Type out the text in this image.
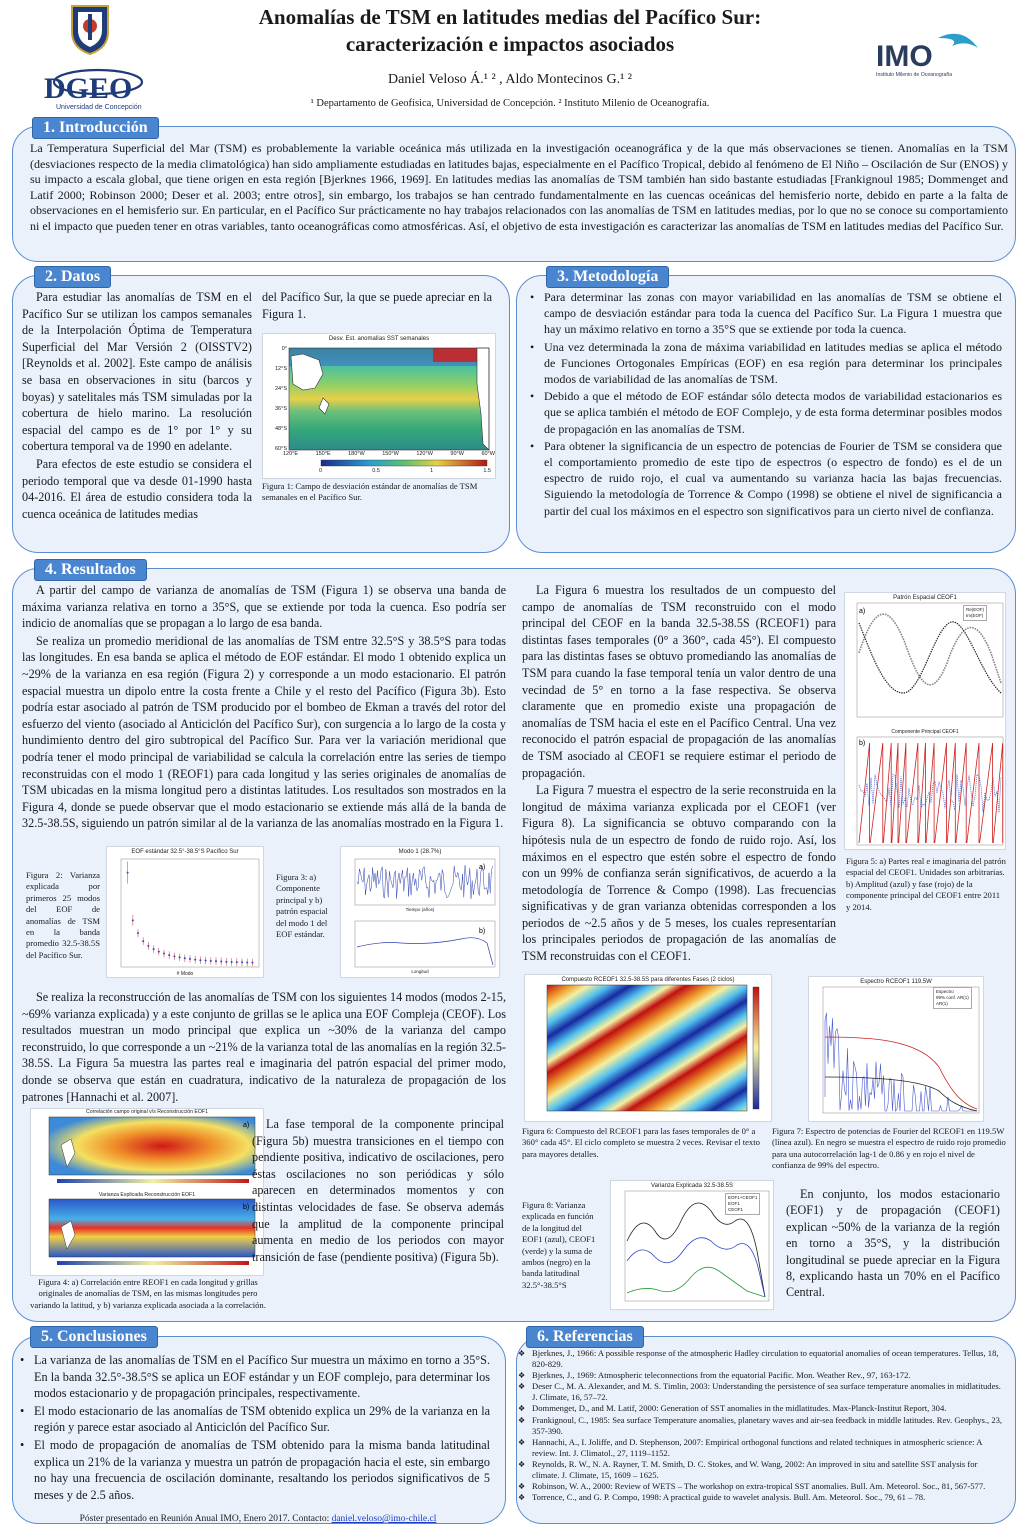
DGEO
Universidad de Concepción
IMO
Instituto Milenio de Oceanografía
Anomalías de TSM en latitudes medias del Pacífico Sur:
caracterización e impactos asociados
Daniel Veloso Á.¹ ² , Aldo Montecinos G.¹ ²
¹ Departamento de Geofísica, Universidad de Concepción. ² Instituto Milenio de Oceanografía.
1. Introducción
La Temperatura Superficial del Mar (TSM) es probablemente la variable oceánica más utilizada en la investigación oceanográfica y de la que más observaciones se tienen. Anomalías en la TSM (desviaciones respecto de la media climatológica) han sido ampliamente estudiadas en latitudes bajas, especialmente en el Pacífico Tropical, debido al fenómeno de El Niño – Oscilación de Sur (ENOS) y su impacto a escala global, que tiene origen en esta región [Bjerknes 1966, 1969]. En latitudes medias las anomalías de TSM también han sido bastante estudiadas [Frankignoul 1985; Dommenget and Latif 2000; Robinson 2000; Deser et al. 2003; entre otros], sin embargo, los trabajos se han centrado fundamentalmente en las cuencas oceánicas del hemisferio norte, debido en parte a la falta de observaciones en el hemisferio sur. En particular, en el Pacífico Sur prácticamente no hay trabajos relacionados con las anomalías de TSM en latitudes medias, por lo que no se conoce su comportamiento ni el impacto que pueden tener en otras variables, tanto oceanográficas como atmosféricas. Así, el objetivo de esta investigación es caracterizar las anomalías de TSM en latitudes medias del Pacífico Sur.
2. Datos

Para estudiar las anomalías de TSM en el Pacífico Sur se utilizan los campos semanales de la Interpolación Óptima de Temperatura Superficial del Mar Versión 2 (OISSTV2) [Reynolds et al. 2002]. Este campo de análisis se basa en observaciones in situ (barcos y boyas) y satelitales más TSM simuladas por la cobertura de hielo marino. La resolución espacial del campo es de 1° por 1° y su cobertura temporal va de 1990 en adelante.

Para efectos de este estudio se considera el periodo temporal que va desde 01-1990 hasta 04-2016. El área de estudio considera toda la cuenca oceánica de latitudes medias

del Pacífico Sur, la que se puede apreciar en la Figura 1.
Desv. Est. anomalías SST semanales
0°
12°S
24°S
36°S
48°S
60°S
120°E	150°E	180°W	150°W	120°W	90°W	60°W
0	0.5	1	1.5
Figura 1: Campo de desviación estándar de anomalías de TSM semanales en el Pacífico Sur.
3. Metodología
• Para determinar las zonas con mayor variabilidad en las anomalías de TSM se obtiene el campo de desviación estándar para toda la cuenca del Pacífico Sur. La Figura 1 muestra que hay un máximo relativo en torno a 35°S que se extiende por toda la cuenca.
• Una vez determinada la zona de máxima variabilidad en latitudes medias se aplica el método de Funciones Ortogonales Empíricas (EOF) en esa región para determinar los principales modos de variabilidad de las anomalías de TSM.
• Debido a que el método de EOF estándar sólo detecta modos de variabilidad estacionarios es que se aplica también el método de EOF Complejo, y de esta forma determinar posibles modos de propagación en las anomalías de TSM.
• Para obtener la significancia de un espectro de potencias de Fourier de TSM se considera que el comportamiento promedio de este tipo de espectros (o espectro de fondo) es el de un espectro de ruido rojo, el cual va aumentando su varianza hacia las bajas frecuencias. Siguiendo la metodología de Torrence & Compo (1998) se obtiene el nivel de significancia a partir del cual los máximos en el espectro son significativos para un cierto nivel de confianza.
4. Resultados

A partir del campo de varianza de anomalías de TSM (Figura 1) se observa una banda de máxima varianza relativa en torno a 35°S, que se extiende por toda la cuenca. Eso podría ser indicio de anomalías que se propagan a lo largo de esa banda.

Se realiza un promedio meridional de las anomalías de TSM entre 32.5°S y 38.5°S para todas las longitudes. En esa banda se aplica el método de EOF estándar. El modo 1 obtenido explica un ~29% de la varianza en esa región (Figura 2) y corresponde a un modo estacionario. El patrón espacial muestra un dipolo entre la costa frente a Chile y el resto del Pacífico (Figura 3b). Esto podría estar asociado al patrón de TSM producido por el bombeo de Ekman a través del rotor del esfuerzo del viento (asociado al Anticiclón del Pacífico Sur), con surgencia a lo largo de la costa y hundimiento dentro del giro subtropical del Pacífico Sur. Para ver la variación meridional que podría tener el modo principal de variabilidad se calcula la correlación entre las series de tiempo reconstruidas con el modo 1 (REOF1) para cada longitud y las series originales de anomalías de TSM ubicadas en la misma longitud pero a distintas latitudes. Los resultados son mostrados en la Figura 4, donde se puede observar que el modo estacionario se extiende más allá de la banda de 32.5-38.5S, siguiendo un patrón similar al de la varianza de las anomalías mostrado en la Figura 1.

Figura 2: Varianza explicada por primeros 25 modos del EOF de anomalías de TSM en la banda promedio 32.5-38.5S del Pacífico Sur.
EOF estándar 32.5°-38.5°S Pacífico Sur
# Modo
Figura 3: a) Componente principal y b) patrón espacial del modo 1 del EOF estándar.
Modo 1 (28.7%)
a)
b)
Tiempo (años)
Longitud
Se realiza la reconstrucción de las anomalías de TSM con los siguientes 14 modos (modos 2-15, ~69% varianza explicada) y a este conjunto de grillas se le aplica una EOF Compleja (CEOF). Los resultados muestran un modo principal que explica un ~30% de la varianza del campo reconstruido, lo que corresponde a un ~21% de la varianza total de las anomalías en la región 32.5-38.5S. La Figura 5a muestra las partes real e imaginaria del patrón espacial del primer modo, donde se observa que están en cuadratura, indicativo de la naturaleza de propagación de los patrones [Hannachi et al. 2007].
Correlación campo original v/s Reconstrucción EOF1
Varianza Explicada Reconstrucción EOF1
a)
b)
Figura 4: a) Correlación entre REOF1 en cada longitud y grillas originales de anomalías de TSM, en las mismas longitudes pero variando la latitud, y b) varianza explicada asociada a la correlación.
La fase temporal de la componente principal (Figura 5b) muestra transiciones en el tiempo con pendiente positiva, indicativo de oscilaciones, pero éstas oscilaciones no son periódicas y sólo aparecen en determinados momentos y con distintas velocidades de fase. Se observa además que la amplitud de la componente principal aumenta en medio de los periodos con mayor transición de fase (pendiente positiva) (Figura 5b).

La Figura 6 muestra los resultados de un compuesto del campo de anomalías de TSM reconstruido con el modo principal del CEOF en la banda 32.5-38.5S (RCEOF1) para distintas fases temporales (0° a 360°, cada 45°). El compuesto para las distintas fases se obtuvo promediando las anomalías de TSM para cuando la fase temporal tenía un valor dentro de una vecindad de 5° en torno a la fase respectiva. Se observa claramente que en promedio existe una propagación de anomalías de TSM hacia el este en el Pacífico Central. Una vez reconocido el patrón espacial de propagación de las anomalías de TSM asociado al CEOF1 se requiere estimar el periodo de propagación.

La Figura 7 muestra el espectro de la serie reconstruida en la longitud de máxima varianza explicada por el CEOF1 (ver Figura 8). La significancia se obtuvo comparando con la hipótesis nula de un espectro de fondo de ruido rojo. Así, los máximos en el espectro que estén sobre el espectro de fondo con un 99% de confianza serán significativos, de acuerdo a la metodología de Torrence & Compo (1998). Las frecuencias significativas y de gran varianza obtenidas corresponden a los periodos de ~2.5 años y de 5 meses, los cuales representarían los principales periodos de propagación de las anomalías de TSM reconstruidas con el CEOF1.

Patrón Espacial CEOF1
Componente Principal CEOF1
a)
b)
Re(EOF)
Im(EOF)
Figura 5: a) Partes real e imaginaria del patrón espacial del CEOF1. Unidades son arbitrarias. b) Amplitud (azul) y fase (rojo) de la componente principal del CEOF1 entre 2011 y 2014.
Compuesto RCEOF1 32.5-38.5S para diferentes Fases (2 ciclos)
Figura 6: Compuesto del RCEOF1 para las fases temporales de 0° a 360° cada 45°. El ciclo completo se muestra 2 veces. Revisar el texto para mayores detalles.
Espectro RCEOF1 119.5W
Espectro
99% conf. AR(1)
AR(1)
Figura 7: Espectro de potencias de Fourier del RCEOF1 en 119.5W (línea azul). En negro se muestra el espectro de ruido rojo promedio para una autocorrelación lag-1 de 0.86 y en rojo el nivel de confianza de 99% del espectro.
Figura 8: Varianza explicada en función de la longitud del EOF1 (azul), CEOF1 (verde) y la suma de ambos (negro) en la banda latitudinal 32.5°-38.5°S
Varianza Explicada 32.5-38.5S
EOF1+CEOF1
EOF1
CEOF1
En conjunto, los modos estacionario (EOF1) y de propagación (CEOF1) explican ~50% de la varianza de la región en torno a 35°S, y la distribución longitudinal se puede apreciar en la Figura 8, explicando hasta un 70% en el Pacífico Central.
5. Conclusiones
• La varianza de las anomalías de TSM en el Pacífico Sur muestra un máximo en torno a 35°S. En la banda 32.5°-38.5°S se aplica un EOF estándar y un EOF complejo, para determinar los modos estacionario y de propagación principales, respectivamente.
• El modo estacionario de las anomalías de TSM obtenido explica un 29% de la varianza en la región y parece estar asociado al Anticiclón del Pacífico Sur.
• El modo de propagación de anomalías de TSM obtenido para la misma banda latitudinal explica un 21% de la varianza y muestra un patrón de propagación hacia el este, sin embargo no hay una frecuencia de oscilación dominante, resaltando los periodos significativos de 5 meses y de 2.5 años.
Póster presentado en Reunión Anual IMO, Enero 2017. Contacto: daniel.veloso@imo-chile.cl
6. Referencias
❖ Bjerknes, J., 1966: A possible response of the atmospheric Hadley circulation to equatorial anomalies of ocean temperatures. Tellus, 18, 820-829.
❖ Bjerknes, J., 1969: Atmospheric teleconnections from the equatorial Pacific. Mon. Weather Rev., 97, 163-172.
❖ Deser C., M. A. Alexander, and M. S. Timlin, 2003: Understanding the persistence of sea surface temperature anomalies in midlatitudes. J. Climate, 16, 57–72.
❖ Dommenget, D., and M. Latif, 2000: Generation of SST anomalies in the midlatitudes. Max-Planck-Institut Report, 304.
❖ Frankignoul, C., 1985: Sea surface Temperature anomalies, planetary waves and air-sea feedback in middle latitudes. Rev. Geophys., 23, 357-390.
❖ Hannachi, A., I. Joliffe, and D. Stephenson, 2007: Empirical orthogonal functions and related techniques in atmospheric science: A review. Int. J. Climatol., 27, 1119–1152.
❖ Reynolds, R. W., N. A. Rayner, T. M. Smith, D. C. Stokes, and W. Wang, 2002: An improved in situ and satellite SST analysis for climate. J. Climate, 15, 1609 – 1625.
❖ Robinson, W. A., 2000: Review of WETS – The workshop on extra-tropical SST anomalies. Bull. Am. Meteorol. Soc., 81, 567-577.
❖ Torrence, C., and G. P. Compo, 1998: A practical guide to wavelet analysis. Bull. Am. Meteorol. Soc., 79, 61 – 78.
